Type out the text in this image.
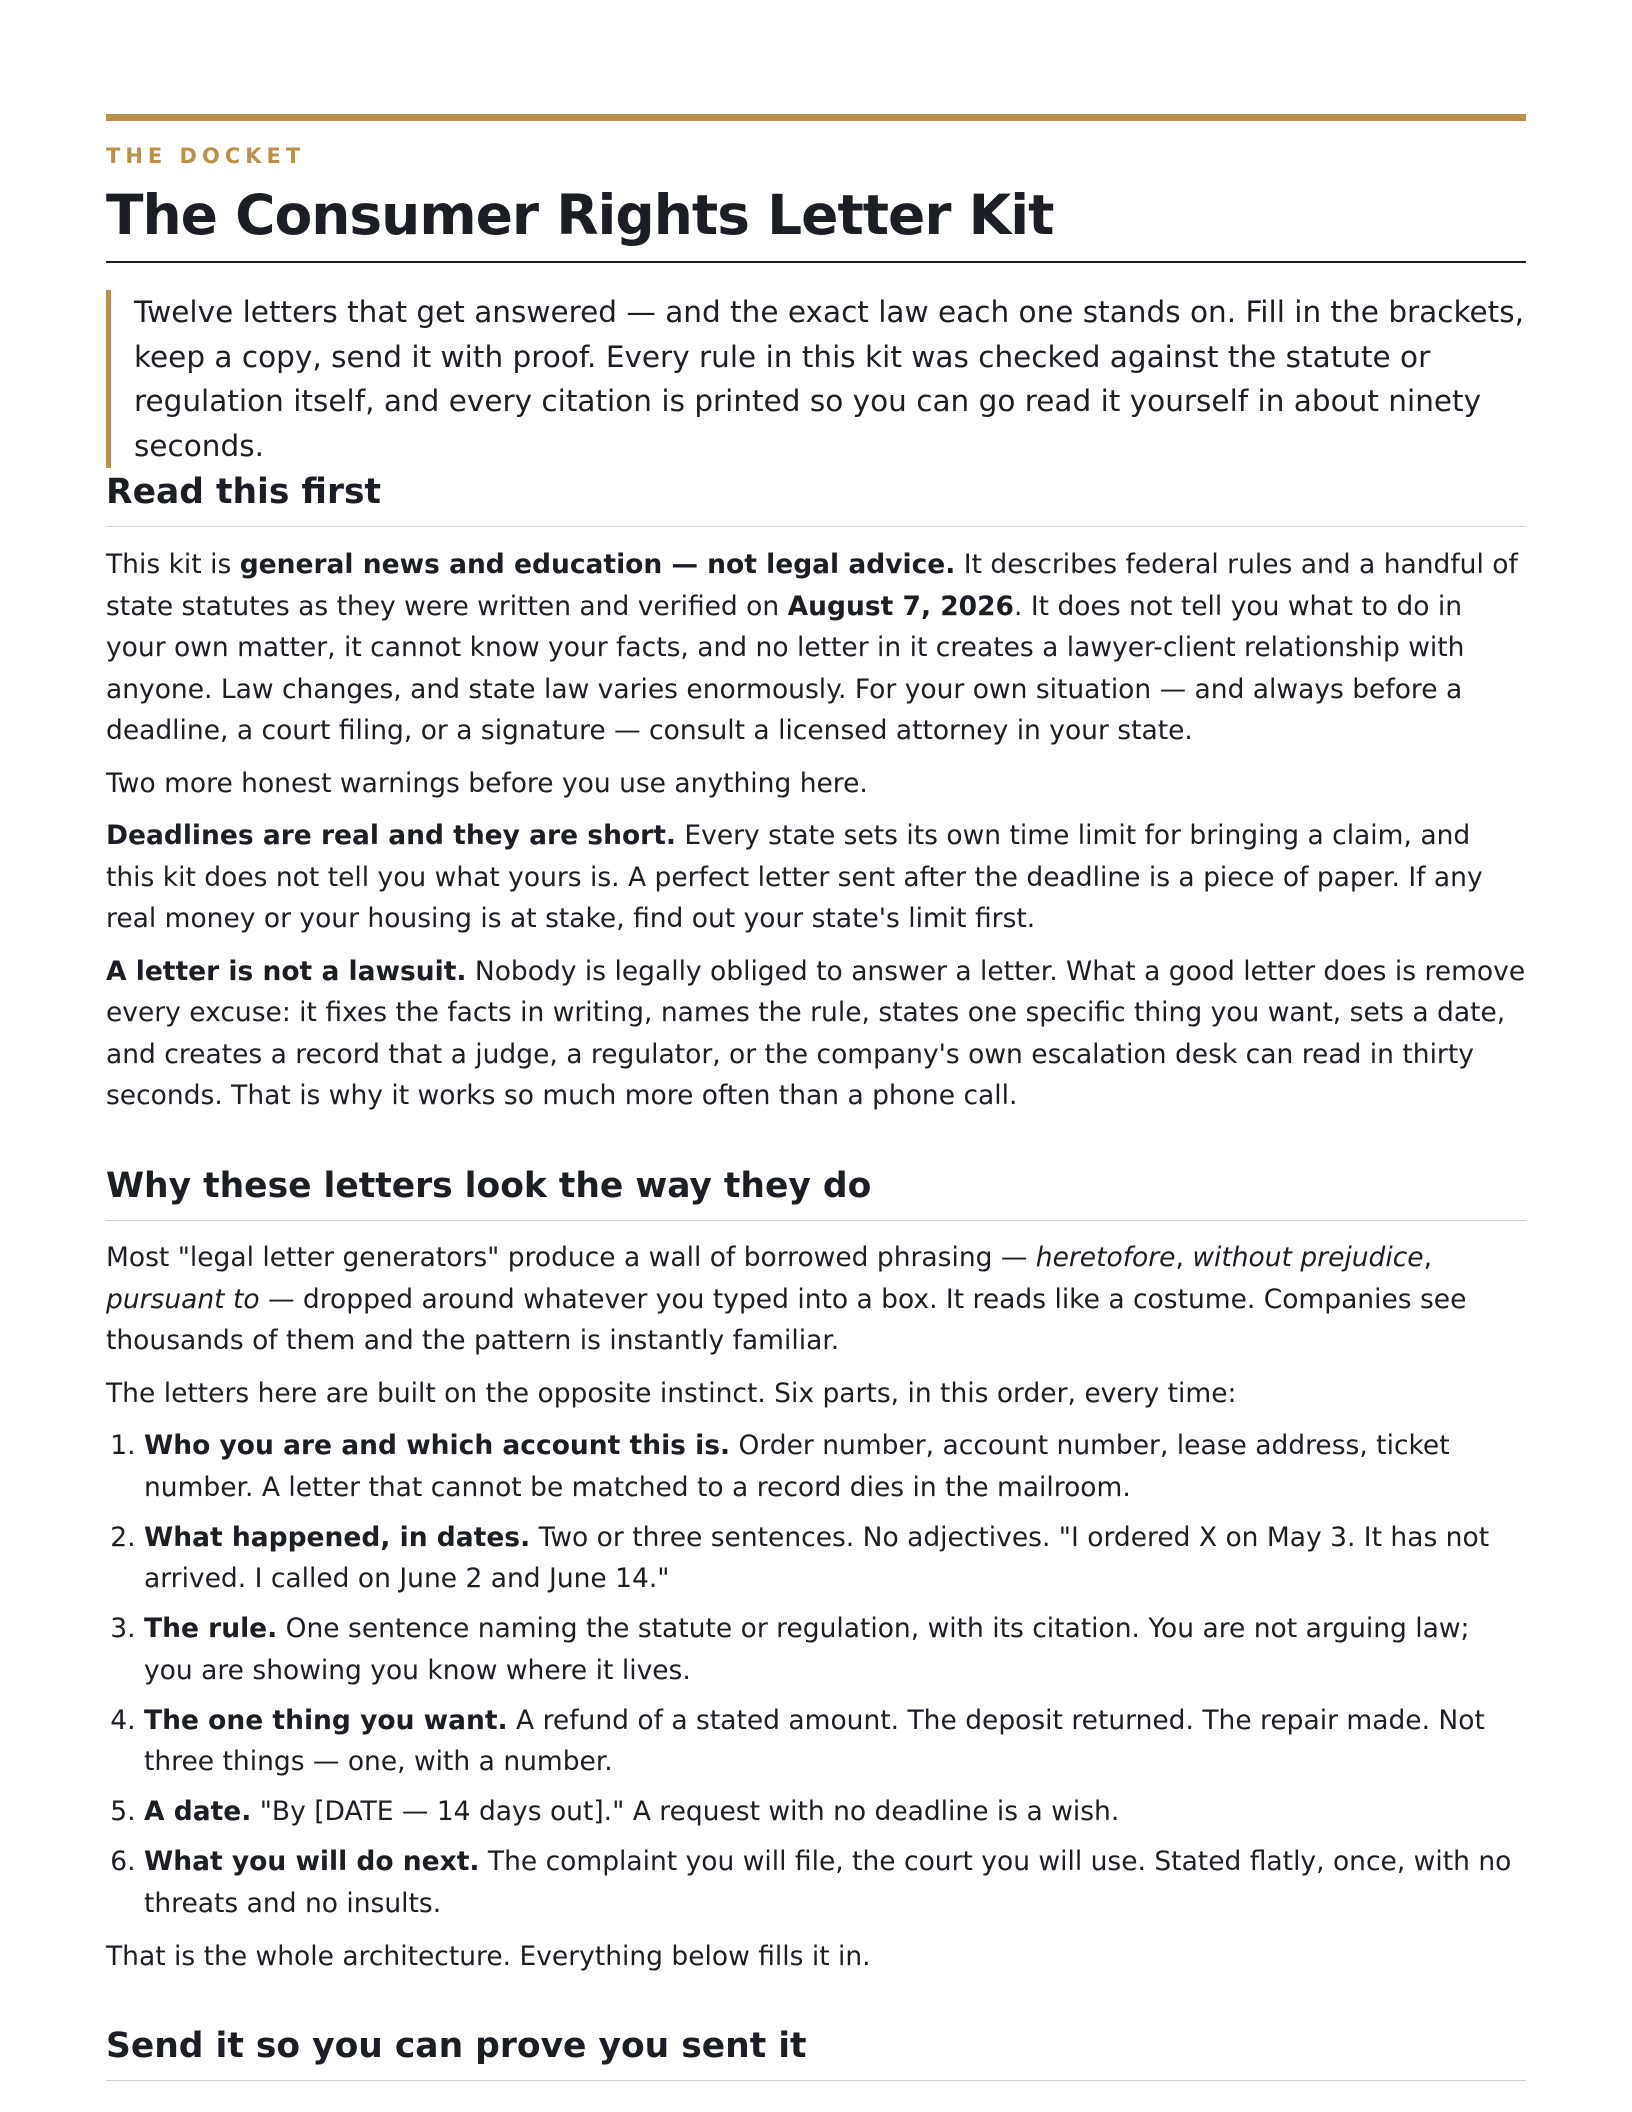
THE DOCKET
The Consumer Rights Letter Kit

Twelve letters that get answered — and the exact law each one stands on. Fill in the brackets, keep a copy, send it with proof. Every rule in this kit was checked against the statute or regulation itself, and every citation is printed so you can go read it yourself in about ninety seconds.

Read this first

This kit is general news and education — not legal advice. It describes federal rules and a handful of state statutes as they were written and verified on August 7, 2026. It does not tell you what to do in your own matter, it cannot know your facts, and no letter in it creates a lawyer-client relationship with anyone. Law changes, and state law varies enormously. For your own situation — and always before a deadline, a court filing, or a signature — consult a licensed attorney in your state.

Two more honest warnings before you use anything here.

Deadlines are real and they are short. Every state sets its own time limit for bringing a claim, and this kit does not tell you what yours is. A perfect letter sent after the deadline is a piece of paper. If any real money or your housing is at stake, find out your state's limit first.

A letter is not a lawsuit. Nobody is legally obliged to answer a letter. What a good letter does is remove every excuse: it fixes the facts in writing, names the rule, states one specific thing you want, sets a date, and creates a record that a judge, a regulator, or the company's own escalation desk can read in thirty seconds. That is why it works so much more often than a phone call.

Why these letters look the way they do

Most "legal letter generators" produce a wall of borrowed phrasing — heretofore, without prejudice, pursuant to — dropped around whatever you typed into a box. It reads like a costume. Companies see thousands of them and the pattern is instantly familiar.

The letters here are built on the opposite instinct. Six parts, in this order, every time:

1. Who you are and which account this is. Order number, account number, lease address, ticket number. A letter that cannot be matched to a record dies in the mailroom.
2. What happened, in dates. Two or three sentences. No adjectives. "I ordered X on May 3. It has not arrived. I called on June 2 and June 14."
3. The rule. One sentence naming the statute or regulation, with its citation. You are not arguing law; you are showing you know where it lives.
4. The one thing you want. A refund of a stated amount. The deposit returned. The repair made. Not three things — one, with a number.
5. A date. "By [DATE — 14 days out]." A request with no deadline is a wish.
6. What you will do next. The complaint you will file, the court you will use. Stated flatly, once, with no threats and no insults.

That is the whole architecture. Everything below fills it in.

Send it so you can prove you sent it
